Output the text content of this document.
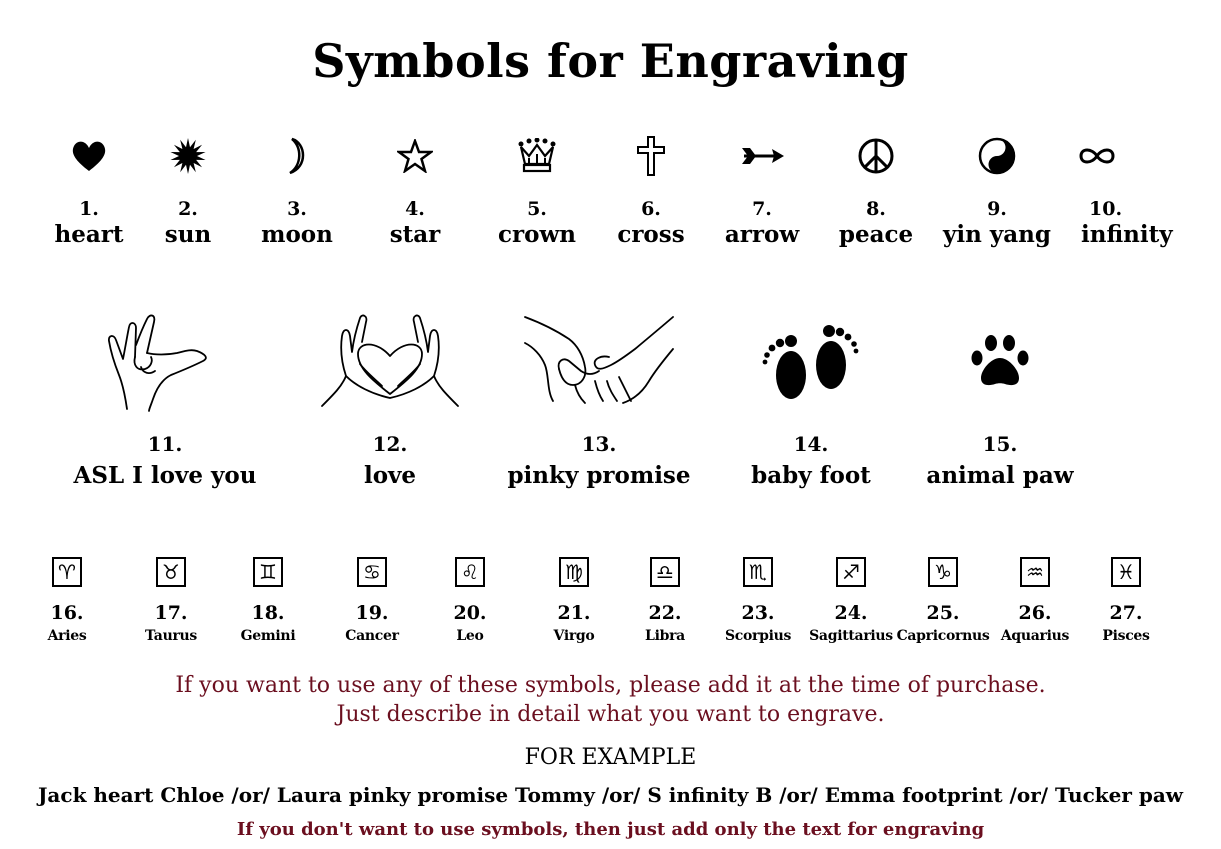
Symbols for Engraving
1.
heart
2.
sun
3.
moon
4.
star
5.
crown
6.
cross
7.
arrow
8.
peace
9.
yin yang
10.
infinity
11.
ASL I love you
12.
love
13.
pinky promise
14.
baby foot
15.
animal paw
♈
16.
Aries
♉
17.
Taurus
♊
18.
Gemini
♋
19.
Cancer
♌
20.
Leo
♍
21.
Virgo
♎
22.
Libra
♏
23.
Scorpius
♐
24.
Sagittarius
♑
25.
Capricornus
♒
26.
Aquarius
♓
27.
Pisces
If you want to use any of these symbols, please add it at the time of purchase.
Just describe in detail what you want to engrave.
FOR EXAMPLE
Jack heart Chloe /or/ Laura pinky promise Tommy /or/ S infinity B /or/ Emma footprint /or/ Tucker paw
If you don't want to use symbols, then just add only the text for engraving
